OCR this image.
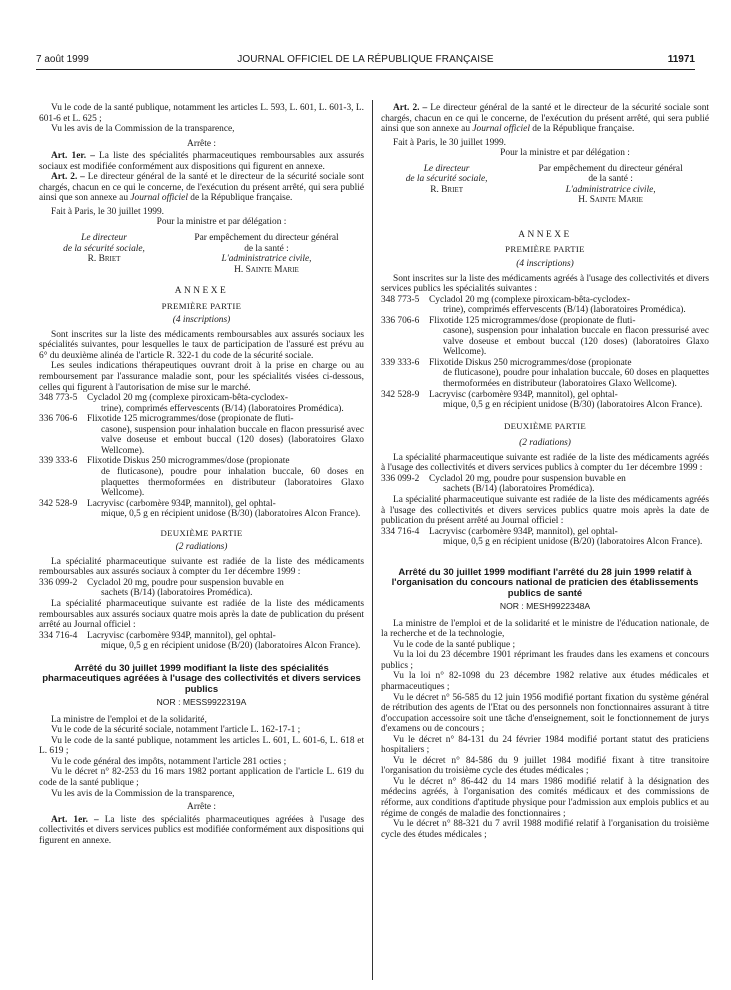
7 août 1999	JOURNAL OFFICIEL DE LA RÉPUBLIQUE FRANÇAISE	11971

Vu le code de la santé publique, notamment les articles L. 593, L. 601, L. 601-3, L. 601-6 et L. 625 ;

Vu les avis de la Commission de la transparence,

Arrête :

Art. 1er. – La liste des spécialités pharmaceutiques remboursables aux assurés sociaux est modifiée conformément aux dispositions qui figurent en annexe.

Art. 2. – Le directeur général de la santé et le directeur de la sécurité sociale sont chargés, chacun en ce qui le concerne, de l'exécution du présent arrêté, qui sera publié ainsi que son annexe au Journal officiel de la République française.

Fait à Paris, le 30 juillet 1999.

Pour la ministre et par délégation :

Le directeur
de la sécurité sociale,
R. Briet
Par empêchement du directeur général
de la santé :
L'administratrice civile,
H. Sainte Marie
ANNEXE
PREMIÈRE PARTIE
(4 inscriptions)

Sont inscrites sur la liste des médicaments remboursables aux assurés sociaux les spécialités suivantes, pour lesquelles le taux de participation de l'assuré est prévu au 6° du deuxième alinéa de l'article R. 322-1 du code de la sécurité sociale.

Les seules indications thérapeutiques ouvrant droit à la prise en charge ou au remboursement par l'assurance maladie sont, pour les spécialités visées ci-dessous, celles qui figurent à l'autorisation de mise sur le marché.

348 773-5	Cycladol 20 mg (complexe piroxicam-bêta-cyclodex-
trine), comprimés effervescents (B/14) (laboratoires Promédica).
336 706-6	Flixotide 125 microgrammes/dose (propionate de fluti-
casone), suspension pour inhalation buccale en flacon pressurisé avec valve doseuse et embout buccal (120 doses) (laboratoires Glaxo Wellcome).
339 333-6	Flixotide Diskus 250 microgrammes/dose (propionate
de fluticasone), poudre pour inhalation buccale, 60 doses en plaquettes thermoformées en distributeur (laboratoires Glaxo Wellcome).
342 528-9	Lacryvisc (carbomère 934P, mannitol), gel ophtal-
mique, 0,5 g en récipient unidose (B/30) (laboratoires Alcon France).
DEUXIÈME PARTIE
(2 radiations)

La spécialité pharmaceutique suivante est radiée de la liste des médicaments remboursables aux assurés sociaux à compter du 1er décembre 1999 :

336 099-2	Cycladol 20 mg, poudre pour suspension buvable en
sachets (B/14) (laboratoires Promédica).

La spécialité pharmaceutique suivante est radiée de la liste des médicaments remboursables aux assurés sociaux quatre mois après la date de publication du présent arrêté au Journal officiel :

334 716-4	Lacryvisc (carbomère 934P, mannitol), gel ophtal-
mique, 0,5 g en récipient unidose (B/20) (laboratoires Alcon France).
Arrêté du 30 juillet 1999 modifiant la liste des spécialités pharmaceutiques agréées à l'usage des collectivités et divers services publics
NOR : MESS9922319A

La ministre de l'emploi et de la solidarité,

Vu le code de la sécurité sociale, notamment l'article L. 162-17-1 ;

Vu le code de la santé publique, notamment les articles L. 601, L. 601-6, L. 618 et L. 619 ;

Vu le code général des impôts, notamment l'article 281 octies ;

Vu le décret n° 82-253 du 16 mars 1982 portant application de l'article L. 619 du code de la santé publique ;

Vu les avis de la Commission de la transparence,

Arrête :

Art. 1er. – La liste des spécialités pharmaceutiques agréées à l'usage des collectivités et divers services publics est modifiée conformément aux dispositions qui figurent en annexe.

Art. 2. – Le directeur général de la santé et le directeur de la sécurité sociale sont chargés, chacun en ce qui le concerne, de l'exécution du présent arrêté, qui sera publié ainsi que son annexe au Journal officiel de la République française.

Fait à Paris, le 30 juillet 1999.

Pour la ministre et par délégation :

Le directeur
de la sécurité sociale,
R. Briet
Par empêchement du directeur général
de la santé :
L'administratrice civile,
H. Sainte Marie
ANNEXE
PREMIÈRE PARTIE
(4 inscriptions)

Sont inscrites sur la liste des médicaments agréés à l'usage des collectivités et divers services publics les spécialités suivantes :

348 773-5	Cycladol 20 mg (complexe piroxicam-bêta-cyclodex-
trine), comprimés effervescents (B/14) (laboratoires Promédica).
336 706-6	Flixotide 125 microgrammes/dose (propionate de fluti-
casone), suspension pour inhalation buccale en flacon pressurisé avec valve doseuse et embout buccal (120 doses) (laboratoires Glaxo Wellcome).
339 333-6	Flixotide Diskus 250 microgrammes/dose (propionate
de fluticasone), poudre pour inhalation buccale, 60 doses en plaquettes thermoformées en distributeur (laboratoires Glaxo Wellcome).
342 528-9	Lacryvisc (carbomère 934P, mannitol), gel ophtal-
mique, 0,5 g en récipient unidose (B/30) (laboratoires Alcon France).
DEUXIÈME PARTIE
(2 radiations)

La spécialité pharmaceutique suivante est radiée de la liste des médicaments agréés à l'usage des collectivités et divers services publics à compter du 1er décembre 1999 :

336 099-2	Cycladol 20 mg, poudre pour suspension buvable en
sachets (B/14) (laboratoires Promédica).

La spécialité pharmaceutique suivante est radiée de la liste des médicaments agréés à l'usage des collectivités et divers services publics quatre mois après la date de publication du présent arrêté au Journal officiel :

334 716-4	Lacryvisc (carbomère 934P, mannitol), gel ophtal-
mique, 0,5 g en récipient unidose (B/20) (laboratoires Alcon France).
Arrêté du 30 juillet 1999 modifiant l'arrêté du 28 juin 1999 relatif à l'organisation du concours national de praticien des établissements publics de santé
NOR : MESH9922348A

La ministre de l'emploi et de la solidarité et le ministre de l'éducation nationale, de la recherche et de la technologie,

Vu le code de la santé publique ;

Vu la loi du 23 décembre 1901 réprimant les fraudes dans les examens et concours publics ;

Vu la loi n° 82-1098 du 23 décembre 1982 relative aux études médicales et pharmaceutiques ;

Vu le décret n° 56-585 du 12 juin 1956 modifié portant fixation du système général de rétribution des agents de l'Etat ou des personnels non fonctionnaires assurant à titre d'occupation accessoire soit une tâche d'enseignement, soit le fonctionnement de jurys d'examens ou de concours ;

Vu le décret n° 84-131 du 24 février 1984 modifié portant statut des praticiens hospitaliers ;

Vu le décret n° 84-586 du 9 juillet 1984 modifié fixant à titre transitoire l'organisation du troisième cycle des études médicales ;

Vu le décret n° 86-442 du 14 mars 1986 modifié relatif à la désignation des médecins agréés, à l'organisation des comités médicaux et des commissions de réforme, aux conditions d'aptitude physique pour l'admission aux emplois publics et au régime de congés de maladie des fonctionnaires ;

Vu le décret n° 88-321 du 7 avril 1988 modifié relatif à l'organisation du troisième cycle des études médicales ;
